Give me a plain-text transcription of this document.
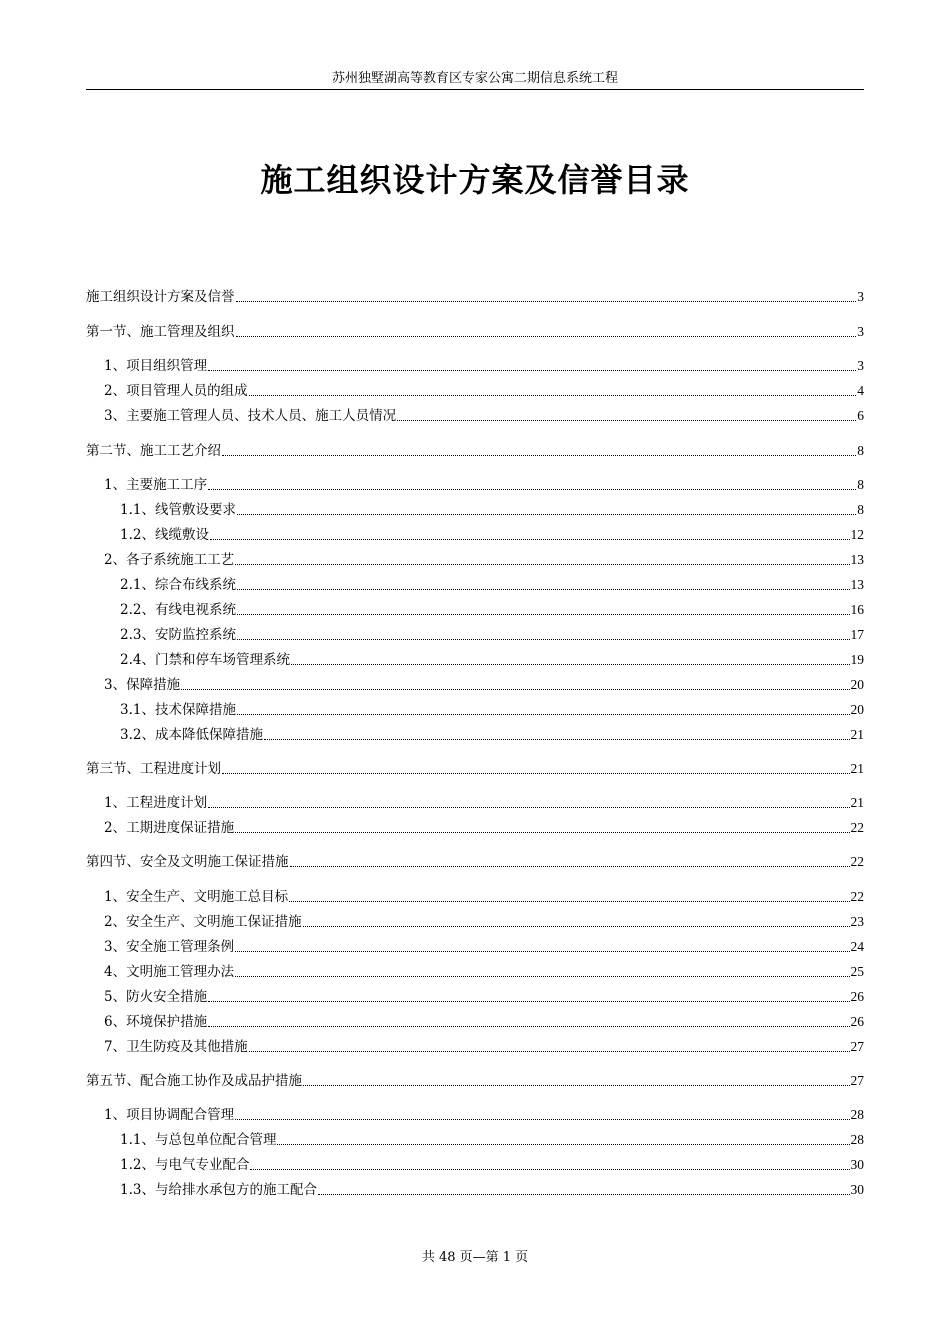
苏州独墅湖高等教育区专家公寓二期信息系统工程
施工组织设计方案及信誉目录
施工组织设计方案及信誉	3
第一节、施工管理及组织	3
1、项目组织管理	3
2、项目管理人员的组成	4
3、主要施工管理人员、技术人员、施工人员情况	6
第二节、施工工艺介绍	8
1、主要施工工序	8
1.1、线管敷设要求	8
1.2、线缆敷设	12
2、各子系统施工工艺	13
2.1、综合布线系统	13
2.2、有线电视系统	16
2.3、安防监控系统	17
2.4、门禁和停车场管理系统	19
3、保障措施	20
3.1、技术保障措施	20
3.2、成本降低保障措施	21
第三节、工程进度计划	21
1、工程进度计划	21
2、工期进度保证措施	22
第四节、安全及文明施工保证措施	22
1、安全生产、文明施工总目标	22
2、安全生产、文明施工保证措施	23
3、安全施工管理条例	24
4、文明施工管理办法	25
5、防火安全措施	26
6、环境保护措施	26
7、卫生防疫及其他措施	27
第五节、配合施工协作及成品护措施	27
1、项目协调配合管理	28
1.1、与总包单位配合管理	28
1.2、与电气专业配合	30
1.3、与给排水承包方的施工配合	30
共 48 页—第 1 页
